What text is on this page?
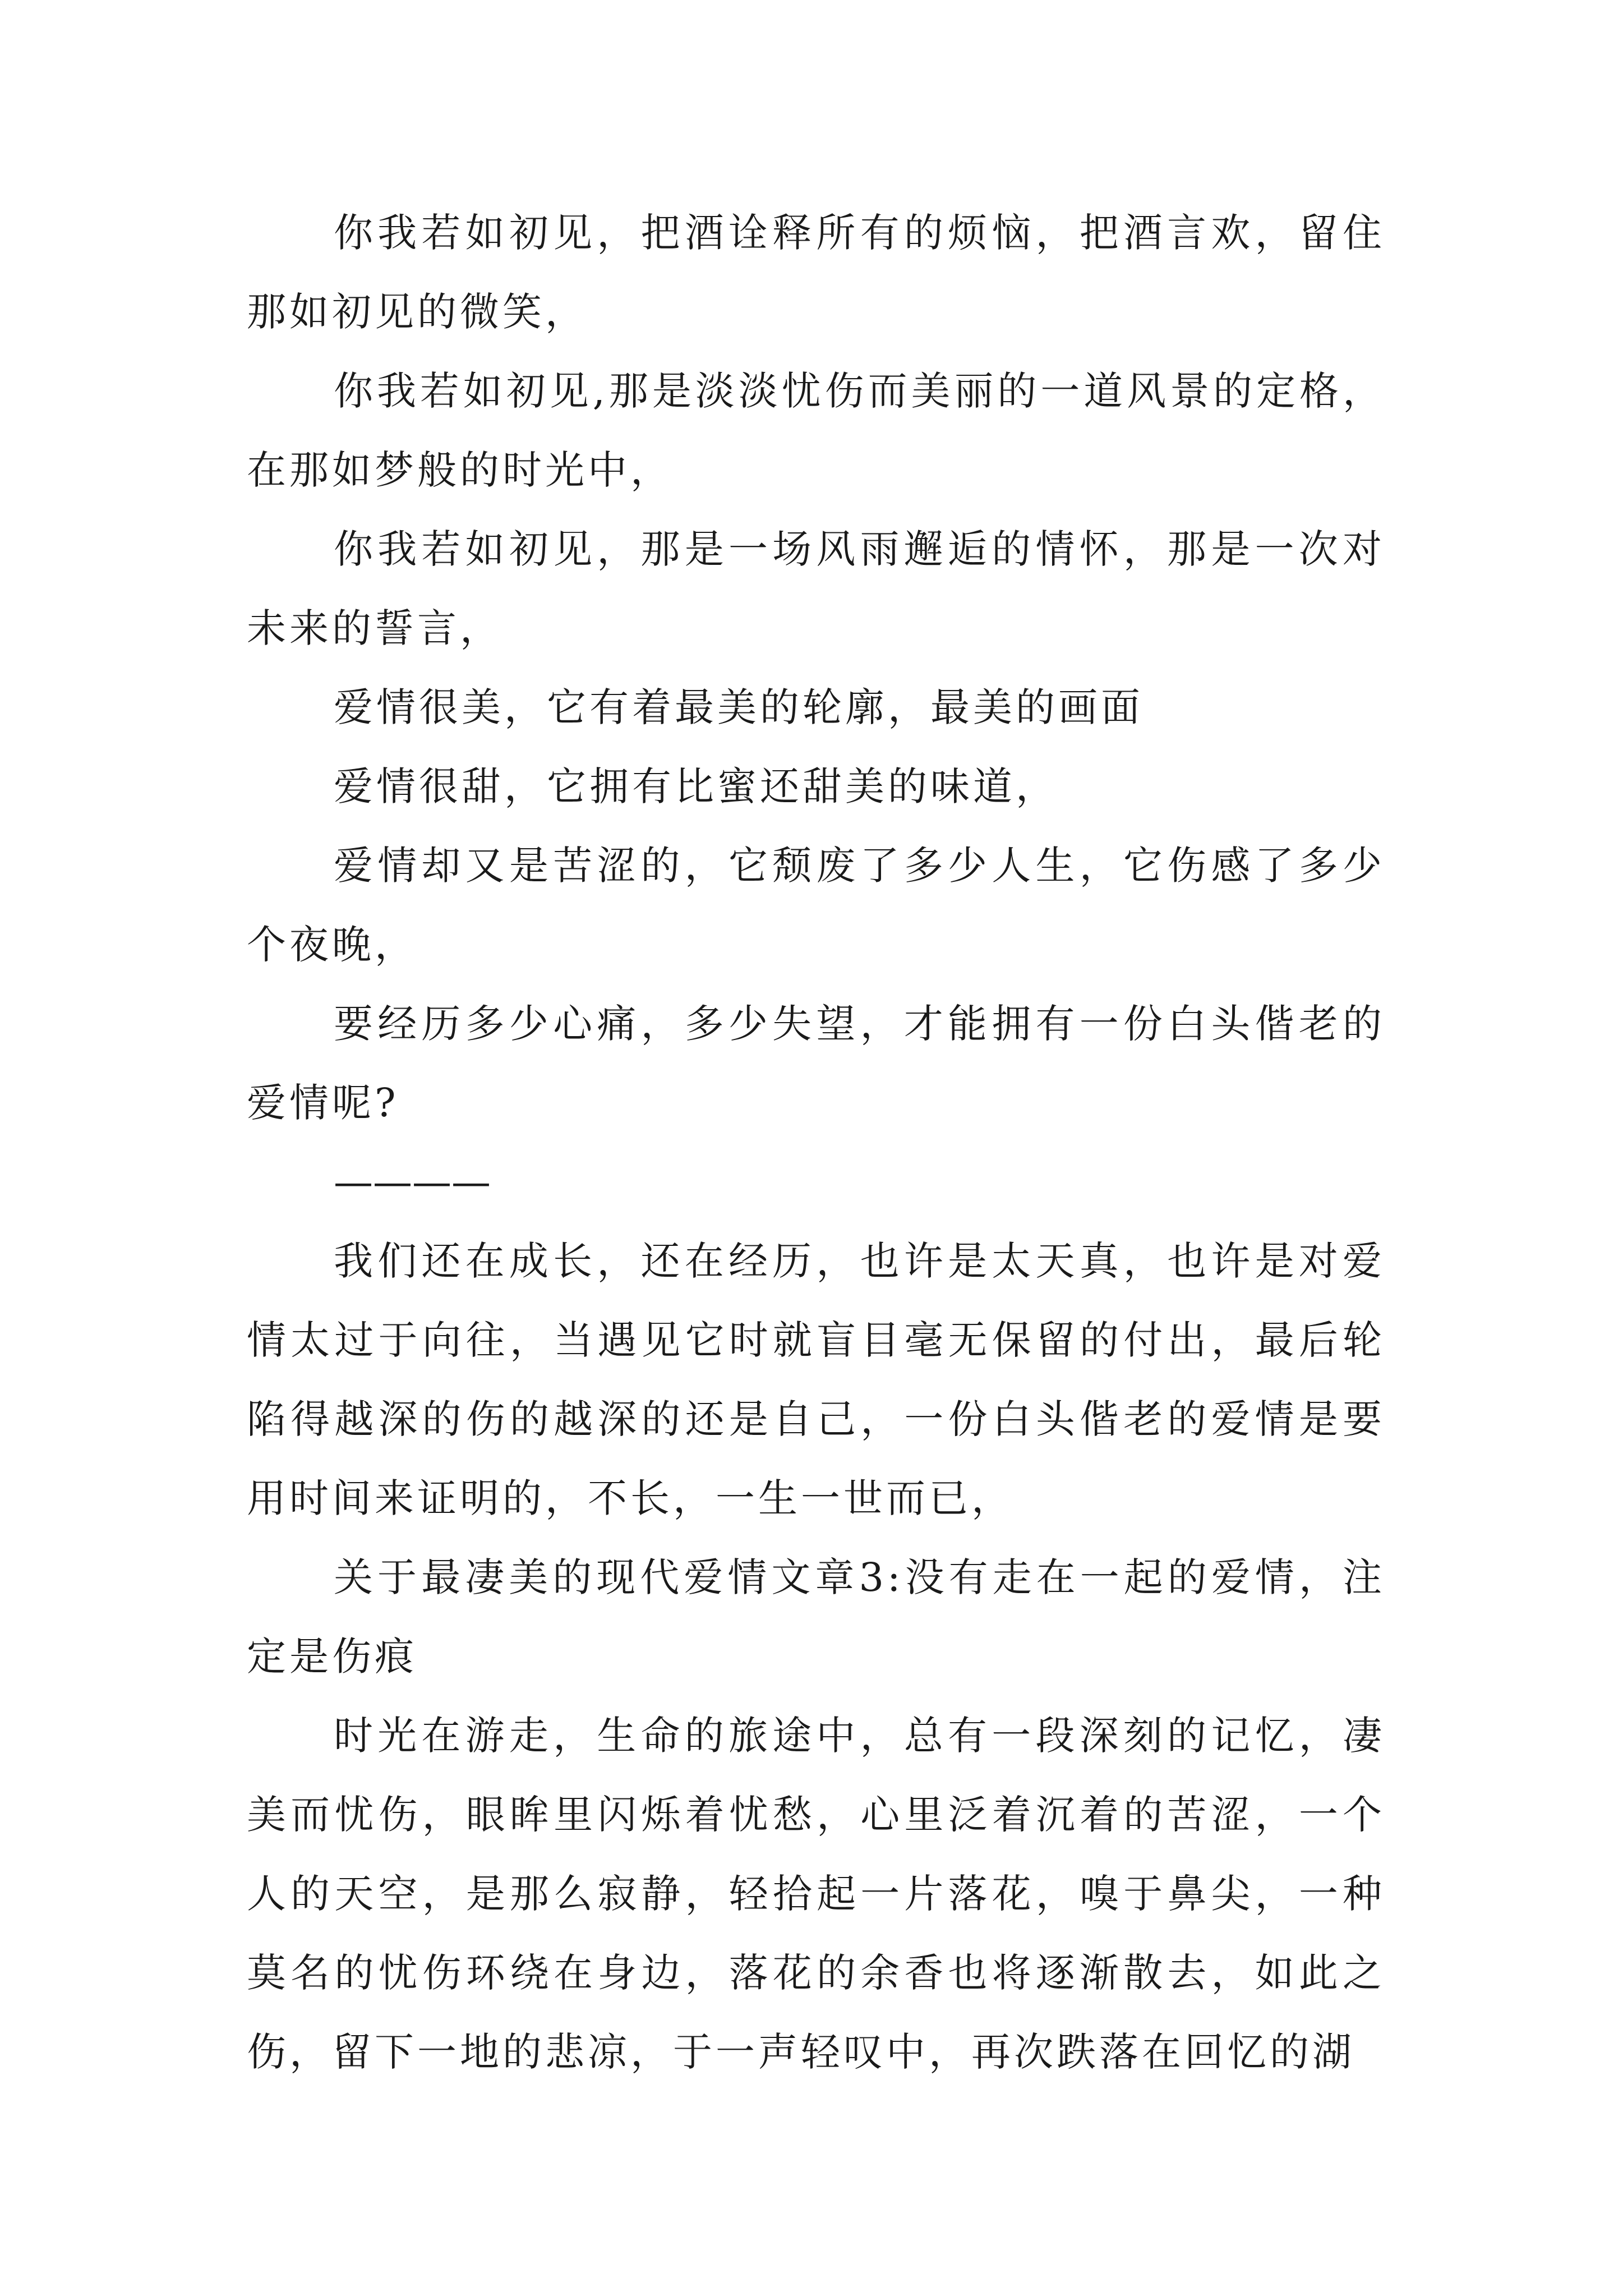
你我若如初见，把酒诠释所有的烦恼，把酒言欢，留住那如初见的微笑，

你我若如初见,那是淡淡忧伤而美丽的一道风景的定格，在那如梦般的时光中，

你我若如初见，那是一场风雨邂逅的情怀，那是一次对未来的誓言，

爱情很美，它有着最美的轮廓，最美的画面

爱情很甜，它拥有比蜜还甜美的味道，

爱情却又是苦涩的，它颓废了多少人生，它伤感了多少个夜晚，

要经历多少心痛，多少失望，才能拥有一份白头偕老的爱情呢?

————

我们还在成长，还在经历，也许是太天真，也许是对爱情太过于向往，当遇见它时就盲目毫无保留的付出，最后轮陷得越深的伤的越深的还是自己，一份白头偕老的爱情是要用时间来证明的，不长，一生一世而已，

关于最凄美的现代爱情文章3:没有走在一起的爱情，注定是伤痕

时光在游走，生命的旅途中，总有一段深刻的记忆，凄美而忧伤，眼眸里闪烁着忧愁，心里泛着沉着的苦涩，一个人的天空，是那么寂静，轻拾起一片落花，嗅于鼻尖，一种莫名的忧伤环绕在身边，落花的余香也将逐渐散去，如此之伤，留下一地的悲凉，于一声轻叹中，再次跌落在回忆的湖
